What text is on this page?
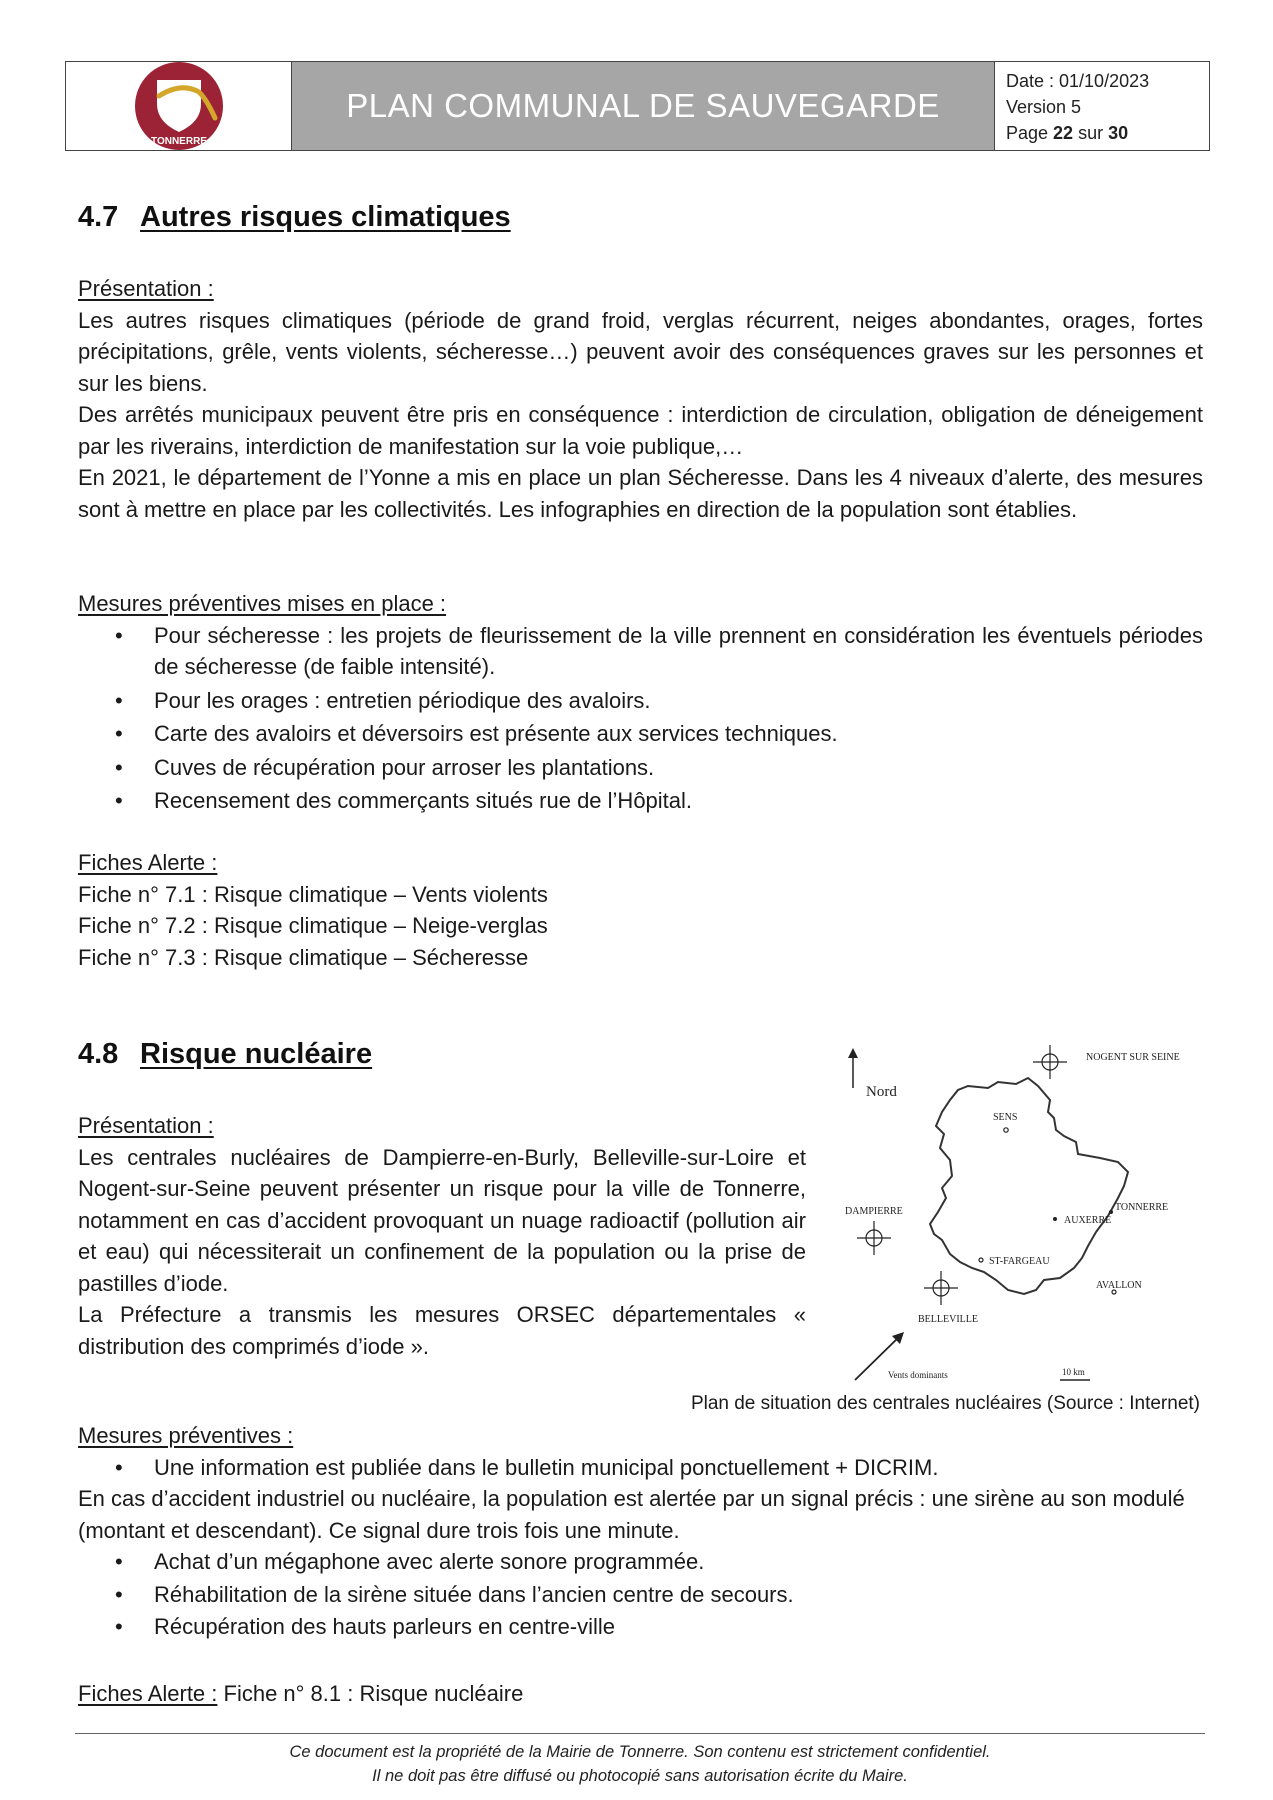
TONNERRE
PLAN COMMUNAL DE SAUVEGARDE
Date : 01/10/2023
Version 5
Page 22 sur 30
4.7 Autres risques climatiques
Présentation :

Les autres risques climatiques (période de grand froid, verglas récurrent, neiges abondantes, orages, fortes précipitations, grêle, vents violents, sécheresse…) peuvent avoir des conséquences graves sur les personnes et sur les biens.

Des arrêtés municipaux peuvent être pris en conséquence : interdiction de circulation, obligation de déneigement par les riverains, interdiction de manifestation sur la voie publique,…

En 2021, le département de l’Yonne a mis en place un plan Sécheresse. Dans les 4 niveaux d’alerte, des mesures sont à mettre en place par les collectivités. Les infographies en direction de la population sont établies.

Mesures préventives mises en place :
• Pour sécheresse : les projets de fleurissement de la ville prennent en considération les éventuels périodes de sécheresse (de faible intensité).
• Pour les orages : entretien périodique des avaloirs.
• Carte des avaloirs et déversoirs est présente aux services techniques.
• Cuves de récupération pour arroser les plantations.
• Recensement des commerçants situés rue de l’Hôpital.
Fiches Alerte :
Fiche n° 7.1 : Risque climatique – Vents violents
Fiche n° 7.2 : Risque climatique – Neige-verglas
Fiche n° 7.3 : Risque climatique – Sécheresse
4.8 Risque nucléaire
Présentation :

Les centrales nucléaires de Dampierre-en-Burly, Belleville-sur-Loire et Nogent-sur-Seine peuvent présenter un risque pour la ville de Tonnerre, notamment en cas d’accident provoquant un nuage radioactif (pollution air et eau) qui nécessiterait un confinement de la population ou la prise de pastilles d’iode.

La Préfecture a transmis les mesures ORSEC départementales « distribution des comprimés d’iode ».

Nord
SENS
AUXERRE
ST-FARGEAU
TONNERRE
AVALLON
NOGENT SUR SEINE
DAMPIERRE
BELLEVILLE
Vents dominants	10 km
Plan de situation des centrales nucléaires (Source : Internet)
Mesures préventives :
• Une information est publiée dans le bulletin municipal ponctuellement + DICRIM.

En cas d’accident industriel ou nucléaire, la population est alertée par un signal précis : une sirène au son modulé (montant et descendant). Ce signal dure trois fois une minute.

• Achat d’un mégaphone avec alerte sonore programmée.
• Réhabilitation de la sirène située dans l’ancien centre de secours.
• Récupération des hauts parleurs en centre-ville
Fiches Alerte : Fiche n° 8.1 : Risque nucléaire
Ce document est la propriété de la Mairie de Tonnerre. Son contenu est strictement confidentiel.
Il ne doit pas être diffusé ou photocopié sans autorisation écrite du Maire.
